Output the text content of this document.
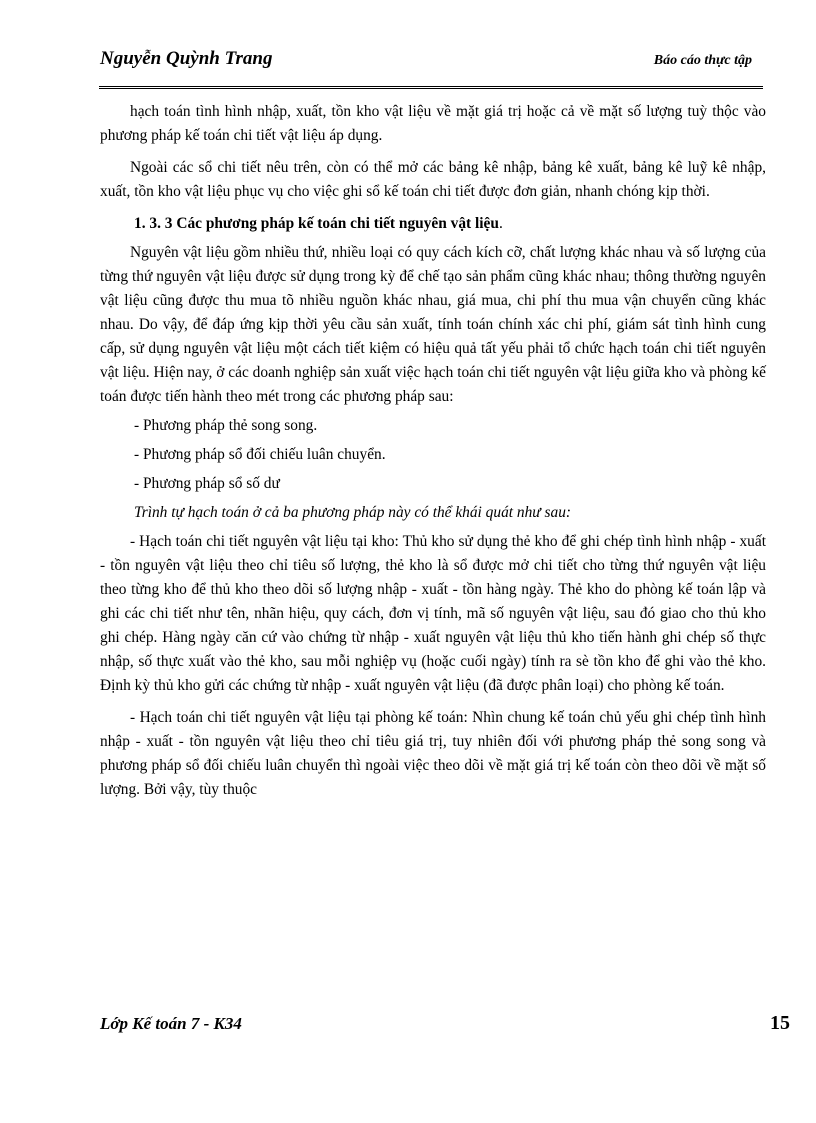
Nguyễn Quỳnh Trang	Báo cáo thực tập

hạch toán tình hình nhập, xuất, tồn kho vật liệu về mặt giá trị hoặc cả về mặt số lượng tuỳ thộc vào phương pháp kế toán chi tiết vật liệu áp dụng.

Ngoài các sổ chi tiết nêu trên, còn có thể mở các bảng kê nhập, bảng kê xuất, bảng kê luỹ kê nhập, xuất, tồn kho vật liệu phục vụ cho việc ghi sổ kế toán chi tiết được đơn giản, nhanh chóng kịp thời.

1. 3. 3 Các phương pháp kế toán chi tiết nguyên vật liệu.

Nguyên vật liệu gồm nhiều thứ, nhiều loại có quy cách kích cỡ, chất lượng khác nhau và số lượng của từng thứ nguyên vật liệu được sử dụng trong kỳ để chế tạo sản phẩm cũng khác nhau; thông thường nguyên vật liệu cũng được thu mua tõ nhiều nguồn khác nhau, giá mua, chi phí thu mua vận chuyển cũng khác nhau. Do vậy, để đáp ứng kịp thời yêu cầu sản xuất, tính toán chính xác chi phí, giám sát tình hình cung cấp, sử dụng nguyên vật liệu một cách tiết kiệm có hiệu quả tất yếu phải tổ chức hạch toán chi tiết nguyên vật liệu. Hiện nay, ở các doanh nghiệp sản xuất việc hạch toán chi tiết nguyên vật liệu giữa kho và phòng kế toán được tiến hành theo mét trong các phương pháp sau:

- Phương pháp thẻ song song.

- Phương pháp sổ đối chiếu luân chuyển.

- Phương pháp sổ số dư

Trình tự hạch toán ở cả ba phương pháp này có thể khái quát như sau:

- Hạch toán chi tiết nguyên vật liệu tại kho: Thủ kho sử dụng thẻ kho để ghi chép tình hình nhập - xuất - tồn nguyên vật liệu theo chỉ tiêu số lượng, thẻ kho là sổ được mở chi tiết cho từng thứ nguyên vật liệu theo từng kho để thủ kho theo dõi số lượng nhập - xuất - tồn hàng ngày. Thẻ kho do phòng kế toán lập và ghi các chi tiết như tên, nhãn hiệu, quy cách, đơn vị tính, mã số nguyên vật liệu, sau đó giao cho thủ kho ghi chép. Hàng ngày căn cứ vào chứng từ nhập - xuất nguyên vật liệu thủ kho tiến hành ghi chép số thực nhập, số thực xuất vào thẻ kho, sau mỗi nghiệp vụ (hoặc cuối ngày) tính ra sè tồn kho để ghi vào thẻ kho. Định kỳ thủ kho gửi các chứng từ nhập - xuất nguyên vật liệu (đã được phân loại) cho phòng kế toán.

- Hạch toán chi tiết nguyên vật liệu tại phòng kế toán: Nhìn chung kế toán chủ yếu ghi chép tình hình nhập - xuất - tồn nguyên vật liệu theo chỉ tiêu giá trị, tuy nhiên đối với phương pháp thẻ song song và phương pháp sổ đối chiếu luân chuyển thì ngoài việc theo dõi về mặt giá trị kế toán còn theo dõi về mặt số lượng. Bởi vậy, tùy thuộc

Lớp Kế toán 7 - K34	15
